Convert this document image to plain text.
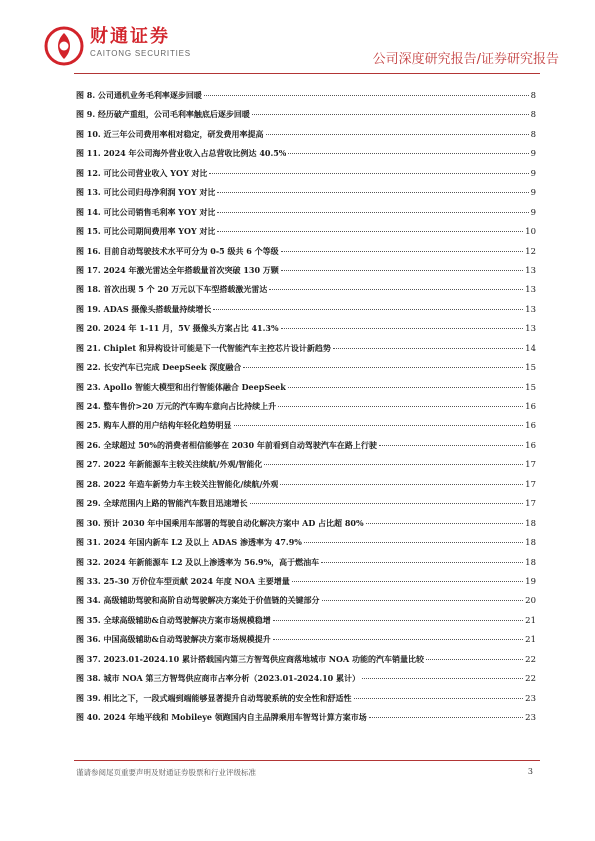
财通证券
CAITONG SECURITIES	公司深度研究报告/证券研究报告
图 8. 公司通机业务毛利率逐步回暖	8
图 9. 经历破产重组，公司毛利率触底后逐步回暖	8
图 10. 近三年公司费用率相对稳定，研发费用率提高	8
图 11. 2024 年公司海外营业收入占总营收比例达 40.5%	9
图 12. 可比公司营业收入 YOY 对比	9
图 13. 可比公司归母净利润 YOY 对比	9
图 14. 可比公司销售毛利率 YOY 对比	9
图 15. 可比公司期间费用率 YOY 对比	10
图 16. 目前自动驾驶技术水平可分为 0-5 级共 6 个等级	12
图 17. 2024 年激光雷达全年搭载量首次突破 130 万颗	13
图 18. 首次出现 5 个 20 万元以下车型搭载激光雷达	13
图 19. ADAS 摄像头搭载量持续增长	13
图 20. 2024 年 1-11 月，5V 摄像头方案占比 41.3%	13
图 21. Chiplet 和异构设计可能是下一代智能汽车主控芯片设计新趋势	14
图 22. 长安汽车已完成 DeepSeek 深度融合	15
图 23. Apollo 智能大模型和出行智能体融合 DeepSeek	15
图 24. 整车售价>20 万元的汽车购车意向占比持续上升	16
图 25. 购车人群的用户结构年轻化趋势明显	16
图 26. 全球超过 50%的消费者相信能够在 2030 年前看到自动驾驶汽车在路上行驶	16
图 27. 2022 年新能源车主较关注续航/外观/智能化	17
图 28. 2022 年造车新势力车主较关注智能化/续航/外观	17
图 29. 全球范围内上路的智能汽车数目迅速增长	17
图 30. 预计 2030 年中国乘用车部署的驾驶自动化解决方案中 AD 占比超 80%	18
图 31. 2024 年国内新车 L2 及以上 ADAS 渗透率为 47.9%	18
图 32. 2024 年新能源车 L2 及以上渗透率为 56.9%，高于燃油车	18
图 33. 25-30 万价位车型贡献 2024 年度 NOA 主要增量	19
图 34. 高级辅助驾驶和高阶自动驾驶解决方案处于价值链的关键部分	20
图 35. 全球高级辅助&自动驾驶解决方案市场规模稳增	21
图 36. 中国高级辅助&自动驾驶解决方案市场规模提升	21
图 37. 2023.01-2024.10 累计搭载国内第三方智驾供应商落地城市 NOA 功能的汽车销量比较	22
图 38. 城市 NOA 第三方智驾供应商市占率分析（2023.01-2024.10 累计）	22
图 39. 相比之下，一段式端到端能够显著提升自动驾驶系统的安全性和舒适性	23
图 40. 2024 年地平线和 Mobileye 领跑国内自主品牌乘用车智驾计算方案市场	23
谨请参阅尾页重要声明及财通证券股票和行业评级标准	3
